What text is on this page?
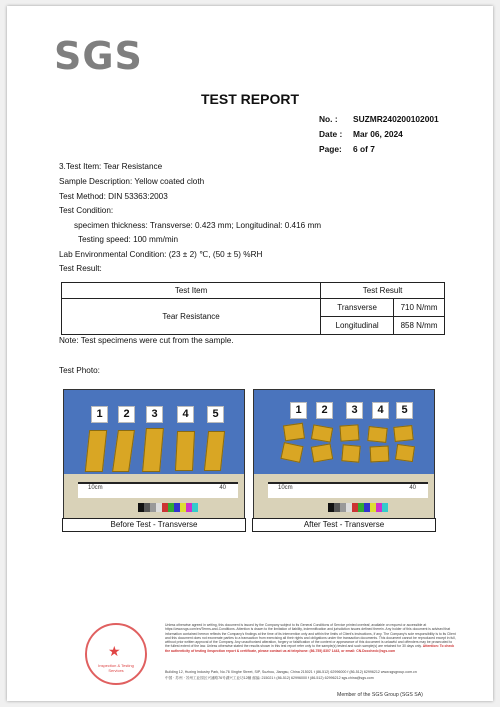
SGS
TEST REPORT
No. : SUZMR240200102001
Date : Mar 06, 2024
Page: 6 of 7
3.Test Item: Tear Resistance
Sample Description: Yellow coated cloth
Test Method: DIN 53363:2003
Test Condition:
specimen thickness: Transverse: 0.423 mm; Longitudinal: 0.416 mm
Testing speed: 100 mm/min
Lab Environmental Condition: (23 ± 2) ℃, (50 ± 5) %RH
Test Result:
Test Item	Test Result	
Tear Resistance	Transverse	710 N/mm
	Longitudinal	858 N/mm
Note: Test specimens were cut from the sample.
Test Photo:
1	2	3	4	5
10cm	40
Before Test - Transverse
1	2	3	4	5
10cm	40
After Test - Transverse
★
Inspection & Testing Services
Unless otherwise agreed in writing, this document is issued by the Company subject to its General Conditions of Service printed overleaf, available on request or accessible at https://www.sgs.com/en/Terms-and-Conditions. Attention is drawn to the limitation of liability, indemnification and jurisdiction issues defined therein. Any holder of this document is advised that information contained hereon reflects the Company's findings at the time of its intervention only and within the limits of Client's instructions, if any. The Company's sole responsibility is to its Client and this document does not exonerate parties to a transaction from exercising all their rights and obligations under the transaction documents. This document cannot be reproduced except in full, without prior written approval of the Company. Any unauthorized alteration, forgery or falsification of the content or appearance of this document is unlawful and offenders may be prosecuted to the fullest extent of the law. Unless otherwise stated the results shown in this test report refer only to the sample(s) tested and such sample(s) are retained for 30 days only. Attention: To check the authenticity of testing /inspection report & certificate, please contact us at telephone: (86-755) 8307 1443, or email: CN.Doccheck@sgs.com
Building 12, Huxing Industry Park, No.76 Xinghe Street, SIP, Suzhou, Jiangsu, China 215021 t (86-512) 62996000 f (86-512) 62996212 www.sgsgroup.com.cn
中国 · 苏州 · 苏州工业园区兴浦路76号湖兴工业坊12幢 邮编: 215021 t (86-512) 62996000 f (86-512) 62996212 sgs.china@sgs.com
Member of the SGS Group (SGS SA)
